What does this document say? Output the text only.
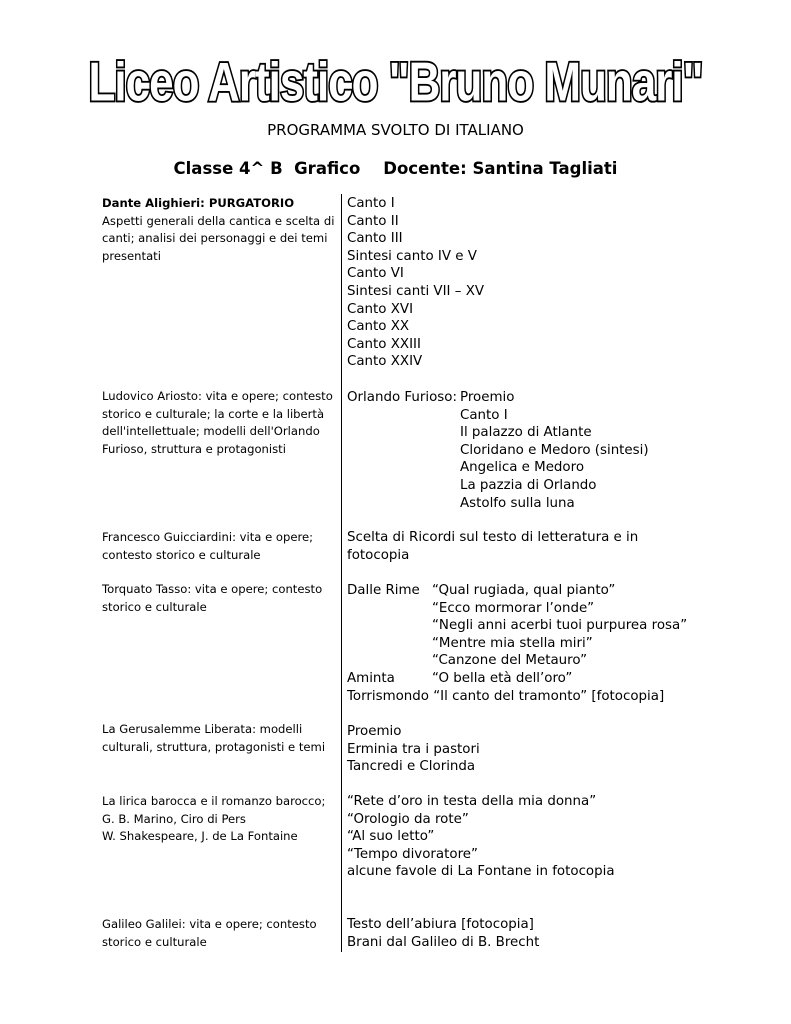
Liceo Artistico "Bruno Munari"
PROGRAMMA SVOLTO DI ITALIANO
Classe 4^ B  Grafico    Docente: Santina Tagliati
Dante Alighieri: PURGATORIO
Aspetti generali della cantica e scelta di canti; analisi dei personaggi e dei temi presentati
Canto I
Canto II
Canto III
Sintesi canto IV e V
Canto VI
Sintesi canti VII – XV
Canto XVI
Canto XX
Canto XXIII
Canto XXIV
Ludovico Ariosto: vita e opere; contesto storico e culturale; la corte e la libertà dell'intellettuale; modelli dell'Orlando Furioso, struttura e protagonisti
Orlando Furioso: Proemio
Canto I
Il palazzo di Atlante
Cloridano e Medoro (sintesi)
Angelica e Medoro
La pazzia di Orlando
Astolfo sulla luna
Francesco Guicciardini: vita e opere; contesto storico e culturale
Scelta di Ricordi sul testo di letteratura e in fotocopia
Torquato Tasso: vita e opere; contesto storico e culturale
Dalle Rime “Qual rugiada, qual pianto”
“Ecco mormorar l’onde”
“Negli anni acerbi tuoi purpurea rosa”
“Mentre mia stella miri”
“Canzone del Metauro”
Aminta	“O bella età dell’oro”
Torrismondo “Il canto del tramonto” [fotocopia]
La Gerusalemme Liberata: modelli culturali, struttura, protagonisti e temi
Proemio
Erminia tra i pastori
Tancredi e Clorinda
La lirica barocca e il romanzo barocco;
G. B. Marino, Ciro di Pers
W. Shakespeare, J. de La Fontaine
“Rete d’oro in testa della mia donna”
“Orologio da rote”
“Al suo letto”
“Tempo divoratore”
alcune favole di La Fontane in fotocopia
Galileo Galilei: vita e opere; contesto storico e culturale
Testo dell’abiura [fotocopia]
Brani dal Galileo di B. Brecht
